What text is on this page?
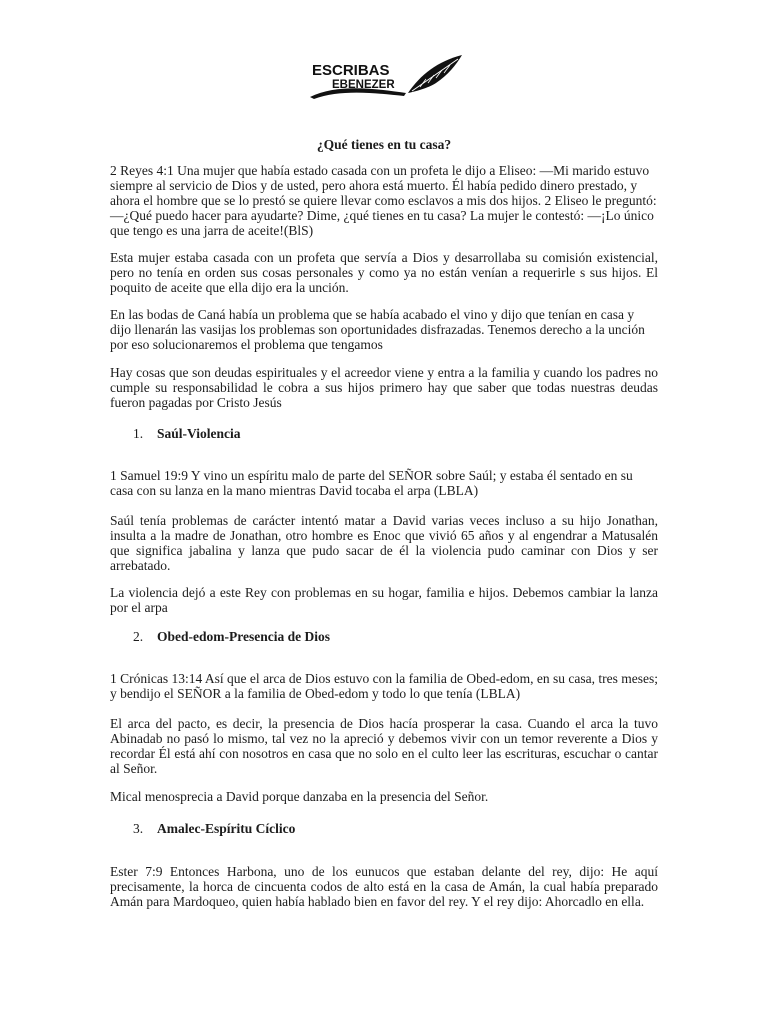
ESCRIBAS
EBENEZER
¿Qué tienes en tu casa?

2 Reyes 4:1 Una mujer que había estado casada con un profeta le dijo a Eliseo: —Mi marido estuvo siempre al servicio de Dios y de usted, pero ahora está muerto. Él había pedido dinero prestado, y ahora el hombre que se lo prestó se quiere llevar como esclavos a mis dos hijos. 2 Eliseo le preguntó: —¿Qué puedo hacer para ayudarte? Dime, ¿qué tienes en tu casa? La mujer le contestó: —¡Lo único que tengo es una jarra de aceite!(BlS)

Esta mujer estaba casada con un profeta que servía a Dios y desarrollaba su comisión existencial, pero no tenía en orden sus cosas personales y como ya no están venían a requerirle s sus hijos. El poquito de aceite que ella dijo era la unción.

En las bodas de Caná había un problema que se había acabado el vino y dijo que tenían en casa y dijo llenarán las vasijas los problemas son oportunidades disfrazadas. Tenemos derecho a la unción por eso solucionaremos el problema que tengamos

Hay cosas que son deudas espirituales y el acreedor viene y entra a la familia y cuando los padres no cumple su responsabilidad le cobra a sus hijos primero hay que saber que todas nuestras deudas fueron pagadas por Cristo Jesús

1. Saúl-Violencia

1 Samuel 19:9 Y vino un espíritu malo de parte del SEÑOR sobre Saúl; y estaba él sentado en su casa con su lanza en la mano mientras David tocaba el arpa (LBLA)

Saúl tenía problemas de carácter intentó matar a David varias veces incluso a su hijo Jonathan, insulta a la madre de Jonathan, otro hombre es Enoc que vivió 65 años y al engendrar a Matusalén que significa jabalina y lanza que pudo sacar de él la violencia pudo caminar con Dios y ser arrebatado.

La violencia dejó a este Rey con problemas en su hogar, familia e hijos. Debemos cambiar la lanza por el arpa

2. Obed-edom-Presencia de Dios

1 Crónicas 13:14 Así que el arca de Dios estuvo con la familia de Obed-edom, en su casa, tres meses; y bendijo el SEÑOR a la familia de Obed-edom y todo lo que tenía (LBLA)

El arca del pacto, es decir, la presencia de Dios hacía prosperar la casa. Cuando el arca la tuvo Abinadab no pasó lo mismo, tal vez no la apreció y debemos vivir con un temor reverente a Dios y recordar Él está ahí con nosotros en casa que no solo en el culto leer las escrituras, escuchar o cantar al Señor.

Mical menosprecia a David porque danzaba en la presencia del Señor.

3. Amalec-Espíritu Cíclico

Ester 7:9 Entonces Harbona, uno de los eunucos que estaban delante del rey, dijo: He aquí precisamente, la horca de cincuenta codos de alto está en la casa de Amán, la cual había preparado Amán para Mardoqueo, quien había hablado bien en favor del rey. Y el rey dijo: Ahorcadlo en ella.
